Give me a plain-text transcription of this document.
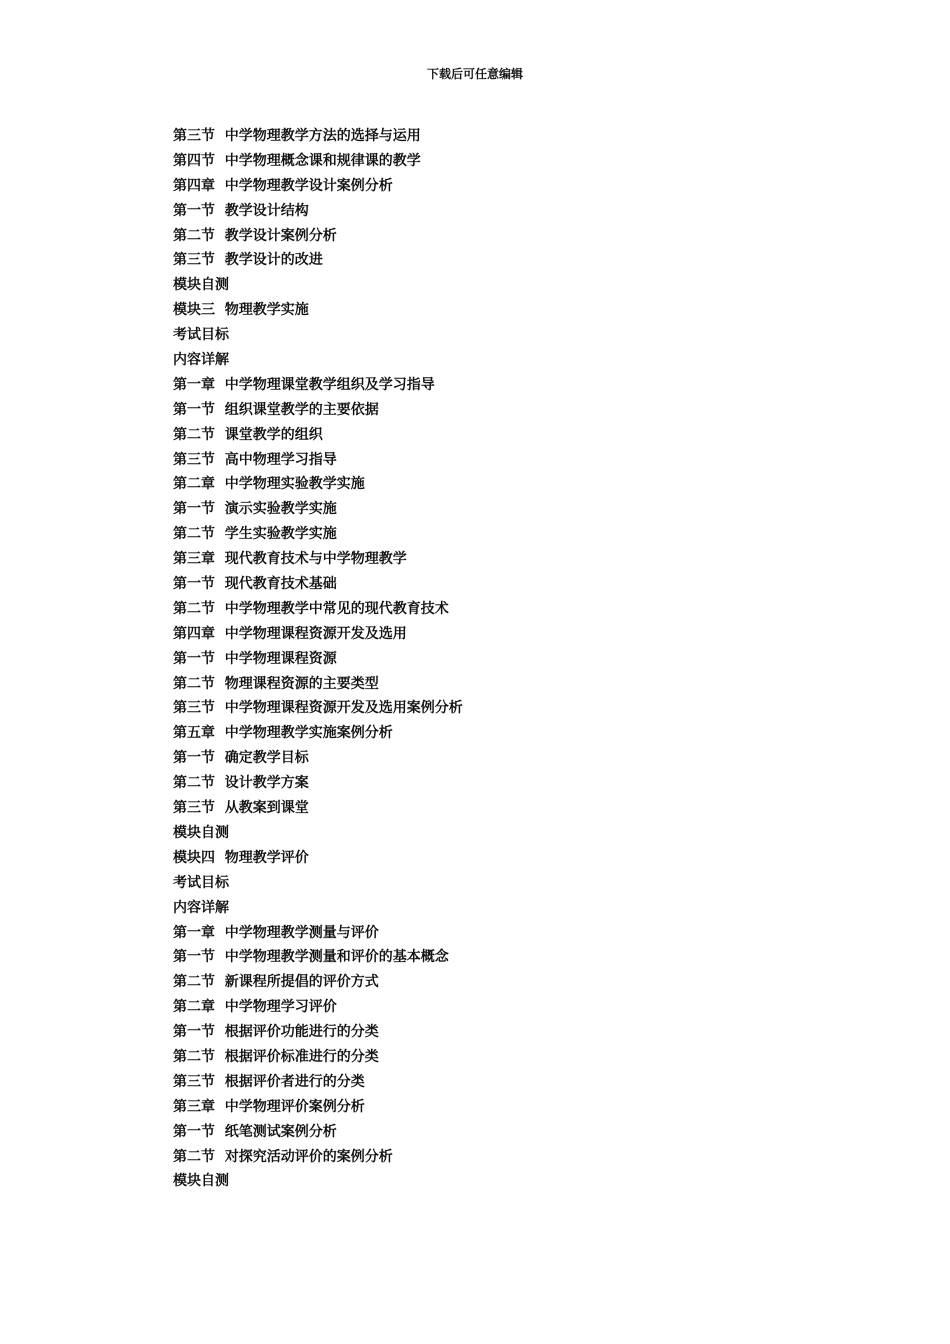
下载后可任意编辑
第三节  中学物理教学方法的选择与运用
第四节  中学物理概念课和规律课的教学
第四章  中学物理教学设计案例分析
第一节  教学设计结构
第二节  教学设计案例分析
第三节  教学设计的改进
模块自测
模块三  物理教学实施
考试目标
内容详解
第一章  中学物理课堂教学组织及学习指导
第一节  组织课堂教学的主要依据
第二节  课堂教学的组织
第三节  高中物理学习指导
第二章  中学物理实验教学实施
第一节  演示实验教学实施
第二节  学生实验教学实施
第三章  现代教育技术与中学物理教学
第一节  现代教育技术基础
第二节  中学物理教学中常见的现代教育技术
第四章  中学物理课程资源开发及选用
第一节  中学物理课程资源
第二节  物理课程资源的主要类型
第三节  中学物理课程资源开发及选用案例分析
第五章  中学物理教学实施案例分析
第一节  确定教学目标
第二节  设计教学方案
第三节  从教案到课堂
模块自测
模块四  物理教学评价
考试目标
内容详解
第一章  中学物理教学测量与评价
第一节  中学物理教学测量和评价的基本概念
第二节  新课程所提倡的评价方式
第二章  中学物理学习评价
第一节  根据评价功能进行的分类
第二节  根据评价标准进行的分类
第三节  根据评价者进行的分类
第三章  中学物理评价案例分析
第一节  纸笔测试案例分析
第二节  对探究活动评价的案例分析
模块自测
